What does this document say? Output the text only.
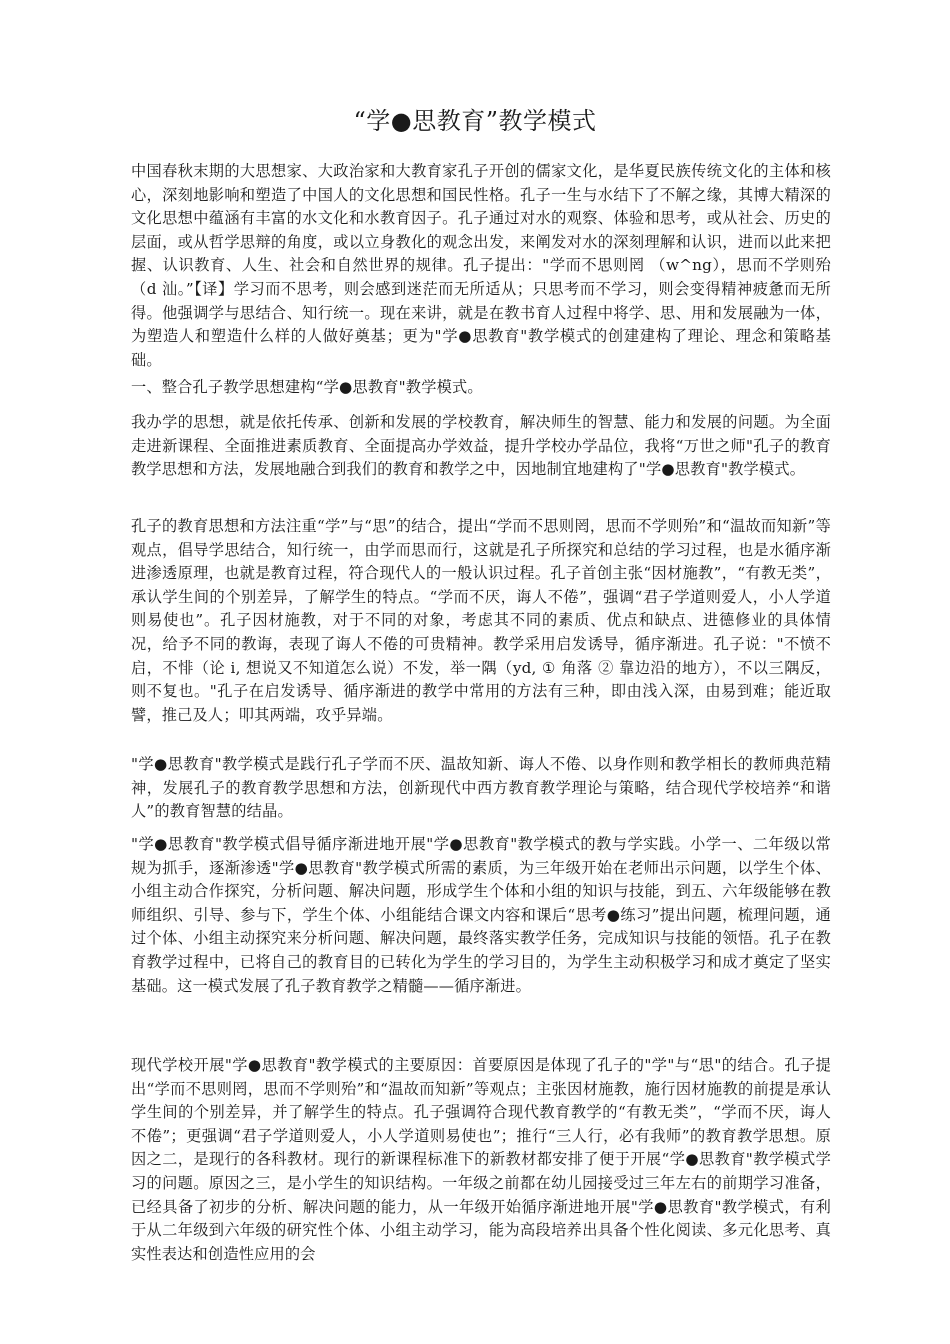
“学●思教育”教学模式

中国春秋末期的大思想家、大政治家和大教育家孔子开创的儒家文化，是华夏民族传统文化的主体和核心，深刻地影响和塑造了中国人的文化思想和国民性格。孔子一生与水结下了不解之缘，其博大精深的文化思想中蕴涵有丰富的水文化和水教育因子。孔子通过对水的观察、体验和思考，或从社会、历史的层面，或从哲学思辩的角度，或以立身教化的观念出发，来阐发对水的深刻理解和认识，进而以此来把握、认识教育、人生、社会和自然世界的规律。孔子提出："学而不思则罔 （w^ng），思而不学则殆（d 汕。”【译】学习而不思考，则会感到迷茫而无所适从；只思考而不学习，则会变得精神疲惫而无所得。他强调学与思结合、知行统一。现在来讲，就是在教书育人过程中将学、思、用和发展融为一体，为塑造人和塑造什么样的人做好奠基；更为"学●思教育"教学模式的创建建构了理论、理念和策略基础。

一、整合孔子教学思想建构“学●思教育"教学模式。

我办学的思想，就是依托传承、创新和发展的学校教育，解决师生的智慧、能力和发展的问题。为全面走进新课程、全面推进素质教育、全面提高办学效益，提升学校办学品位，我将“万世之师"孔子的教育教学思想和方法，发展地融合到我们的教育和教学之中，因地制宜地建构了"学●思教育"教学模式。

孔子的教育思想和方法注重“学”与“思”的结合，提出“学而不思则罔，思而不学则殆”和“温故而知新”等观点，倡导学思结合，知行统一，由学而思而行，这就是孔子所探究和总结的学习过程，也是水循序渐进渗透原理，也就是教育过程，符合现代人的一般认识过程。孔子首创主张“因材施教”，“有教无类”，承认学生间的个别差异，了解学生的特点。“学而不厌，诲人不倦”，强调“君子学道则爱人，小人学道则易使也”。孔子因材施教，对于不同的对象，考虑其不同的素质、优点和缺点、进德修业的具体情况，给予不同的教诲，表现了诲人不倦的可贵精神。教学采用启发诱导，循序渐进。孔子说："不愤不启，不悱（论 i, 想说又不知道怎么说）不发，举一隅（yd, ① 角落 ② 靠边沿的地方），不以三隅反，则不复也。"孔子在启发诱导、循序渐进的教学中常用的方法有三种，即由浅入深，由易到难；能近取譬，推己及人；叩其两端，攻乎异端。

"学●思教育"教学模式是践行孔子学而不厌、温故知新、诲人不倦、以身作则和教学相长的教师典范精神，发展孔子的教育教学思想和方法，创新现代中西方教育教学理论与策略，结合现代学校培养“和谐人”的教育智慧的结晶。

"学●思教育"教学模式倡导循序渐进地开展"学●思教育"教学模式的教与学实践。小学一、二年级以常规为抓手，逐渐渗透"学●思教育"教学模式所需的素质，为三年级开始在老师出示问题，以学生个体、小组主动合作探究，分析问题、解决问题，形成学生个体和小组的知识与技能，到五、六年级能够在教师组织、引导、参与下，学生个体、小组能结合课文内容和课后“思考●练习”提出问题，梳理问题，通过个体、小组主动探究来分析问题、解决问题，最终落实教学任务，完成知识与技能的领悟。孔子在教育教学过程中，已将自己的教育目的已转化为学生的学习目的，为学生主动积极学习和成才奠定了坚实基础。这一模式发展了孔子教育教学之精髓——循序渐进。

现代学校开展"学●思教育"教学模式的主要原因：首要原因是体现了孔子的"学"与“思"的结合。孔子提出“学而不思则罔，思而不学则殆”和“温故而知新”等观点；主张因材施教，施行因材施教的前提是承认学生间的个别差异，并了解学生的特点。孔子强调符合现代教育教学的“有教无类”，“学而不厌，诲人不倦”；更强调“君子学道则爱人，小人学道则易使也”；推行“三人行，必有我师”的教育教学思想。原因之二，是现行的各科教材。现行的新课程标准下的新教材都安排了便于开展“学●思教育"教学模式学习的问题。原因之三，是小学生的知识结构。一年级之前都在幼儿园接受过三年左右的前期学习准备，已经具备了初步的分析、解决问题的能力，从一年级开始循序渐进地开展"学●思教育"教学模式，有利于从二年级到六年级的研究性个体、小组主动学习，能为高段培养出具备个性化阅读、多元化思考、真实性表达和创造性应用的会
